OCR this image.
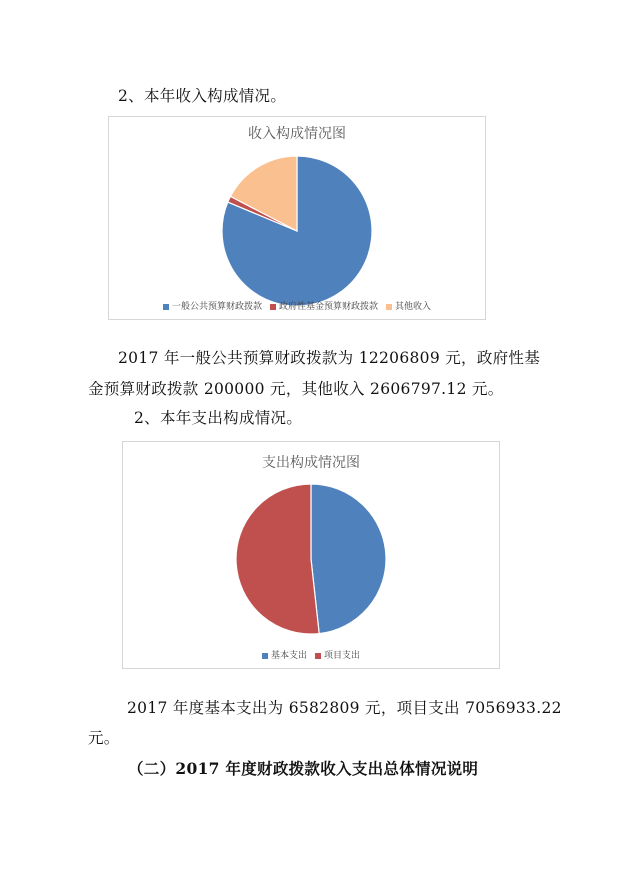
2、本年收入构成情况。
收入构成情况图
一般公共预算财政拨款 政府性基金预算财政拨款 其他收入
2017 年一般公共预算财政拨款为 12206809 元，政府性基
金预算财政拨款 200000 元，其他收入 2606797.12 元。
2、本年支出构成情况。
支出构成情况图
基本支出 项目支出
2017 年度基本支出为 6582809 元，项目支出 7056933.22
元。
（二）2017 年度财政拨款收入支出总体情况说明
